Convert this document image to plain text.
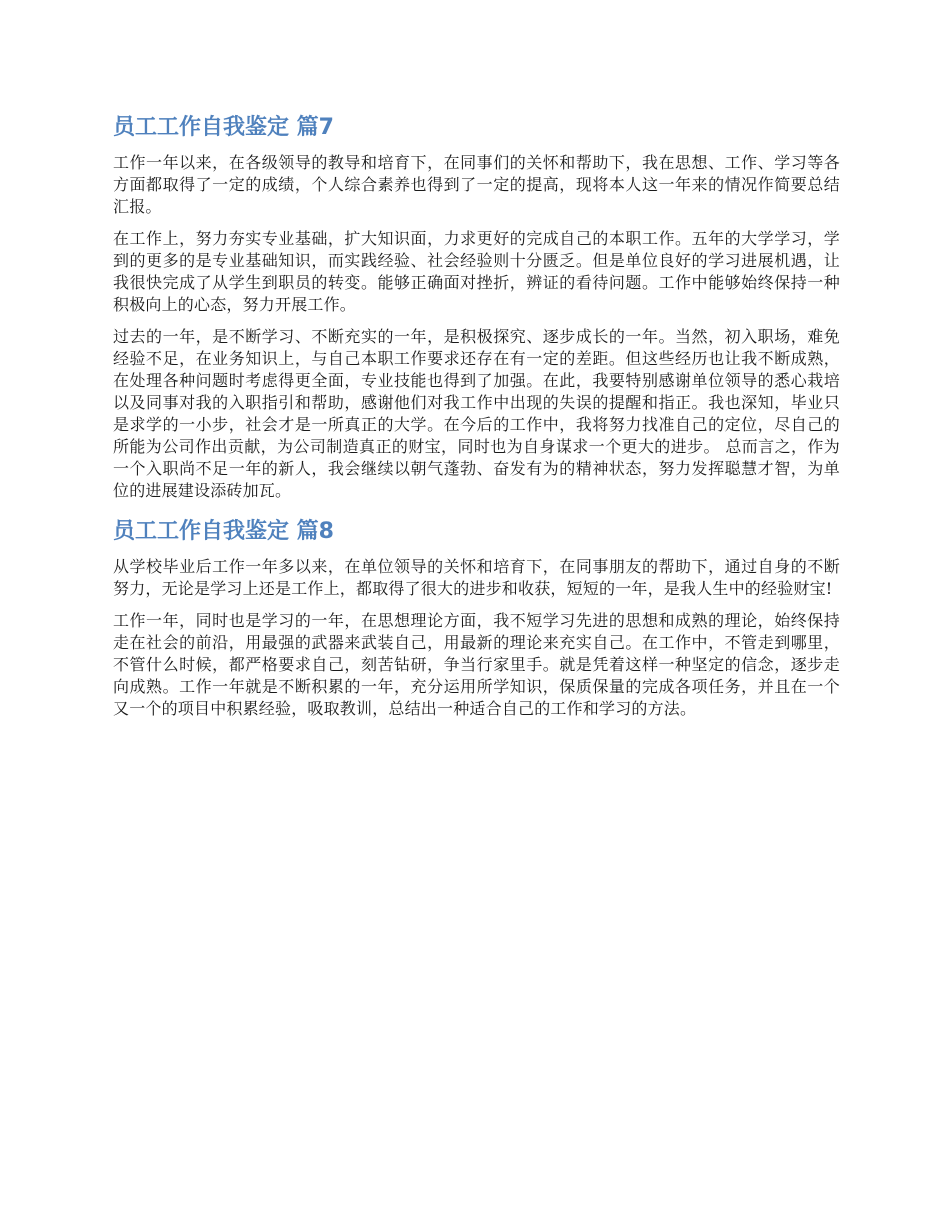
员工工作自我鉴定 篇7

工作一年以来，在各级领导的教导和培育下，在同事们的关怀和帮助下，我在思想、工作、学习等各方面都取得了一定的成绩，个人综合素养也得到了一定的提高，现将本人这一年来的情况作简要总结汇报。

在工作上，努力夯实专业基础，扩大知识面，力求更好的完成自己的本职工作。五年的大学学习，学到的更多的是专业基础知识，而实践经验、社会经验则十分匮乏。但是单位良好的学习进展机遇，让我很快完成了从学生到职员的转变。能够正确面对挫折，辨证的看待问题。工作中能够始终保持一种积极向上的心态，努力开展工作。

过去的一年，是不断学习、不断充实的一年，是积极探究、逐步成长的一年。当然，初入职场，难免经验不足，在业务知识上，与自己本职工作要求还存在有一定的差距。但这些经历也让我不断成熟，在处理各种问题时考虑得更全面，专业技能也得到了加强。在此，我要特别感谢单位领导的悉心栽培以及同事对我的入职指引和帮助，感谢他们对我工作中出现的失误的提醒和指正。我也深知，毕业只是求学的一小步，社会才是一所真正的大学。在今后的工作中，我将努力找准自己的定位，尽自己的所能为公司作出贡献，为公司制造真正的财宝，同时也为自身谋求一个更大的进步。 总而言之，作为一个入职尚不足一年的新人，我会继续以朝气蓬勃、奋发有为的精神状态，努力发挥聪慧才智，为单位的进展建设添砖加瓦。

员工工作自我鉴定 篇8

从学校毕业后工作一年多以来，在单位领导的关怀和培育下，在同事朋友的帮助下，通过自身的不断努力，无论是学习上还是工作上，都取得了很大的进步和收获，短短的一年，是我人生中的经验财宝!

工作一年，同时也是学习的一年，在思想理论方面，我不短学习先进的思想和成熟的理论，始终保持走在社会的前沿，用最强的武器来武装自己，用最新的理论来充实自己。在工作中，不管走到哪里，不管什么时候，都严格要求自己，刻苦钻研，争当行家里手。就是凭着这样一种坚定的信念，逐步走向成熟。工作一年就是不断积累的一年，充分运用所学知识，保质保量的完成各项任务，并且在一个又一个的项目中积累经验，吸取教训，总结出一种适合自己的工作和学习的方法。
